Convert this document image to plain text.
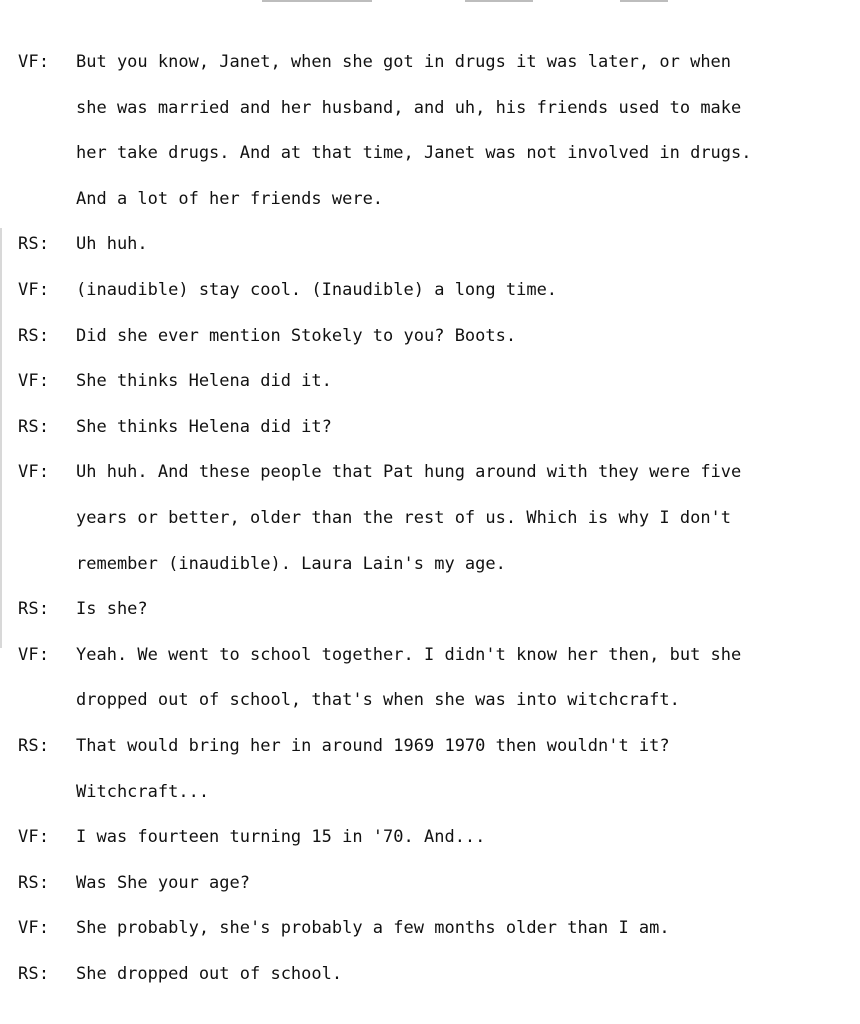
VF:	But you know, Janet, when she got in drugs it was later, or when
she was married and her husband, and uh, his friends used to make
her take drugs. And at that time, Janet was not involved in drugs.
And a lot of her friends were.
RS:	Uh huh.
VF:	(inaudible) stay cool. (Inaudible) a long time.
RS:	Did she ever mention Stokely to you? Boots.
VF:	She thinks Helena did it.
RS:	She thinks Helena did it?
VF:	Uh huh. And these people that Pat hung around with they were five
years or better, older than the rest of us. Which is why I don't
remember (inaudible). Laura Lain's my age.
RS:	Is she?
VF:	Yeah. We went to school together. I didn't know her then, but she
dropped out of school, that's when she was into witchcraft.
RS:	That would bring her in around 1969 1970 then wouldn't it?
Witchcraft...
VF:	I was fourteen turning 15 in '70. And...
RS:	Was She your age?
VF:	She probably, she's probably a few months older than I am.
RS:	She dropped out of school.
